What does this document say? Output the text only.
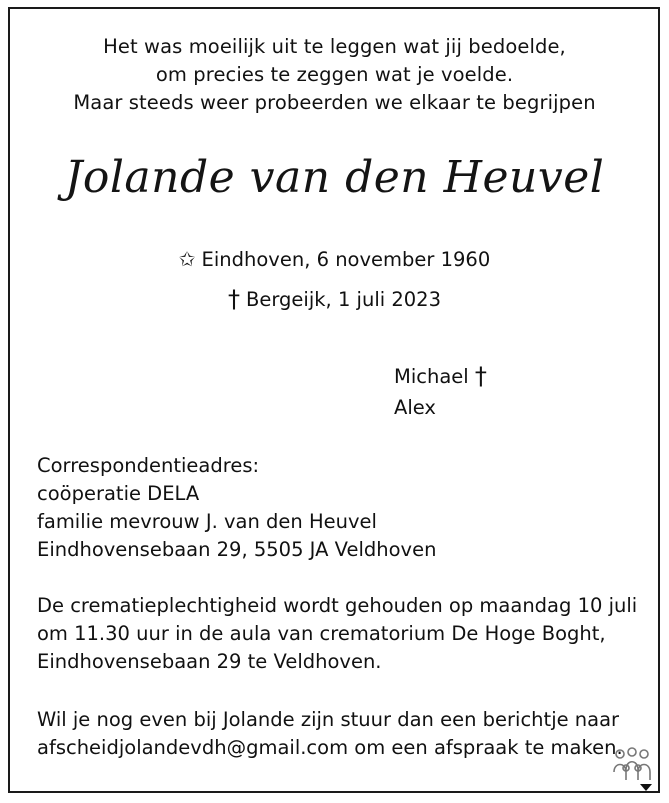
Het was moeilijk uit te leggen wat jij bedoelde,
om precies te zeggen wat je voelde.
Maar steeds weer probeerden we elkaar te begrijpen
Jolande van den Heuvel
✩ Eindhoven, 6 november 1960
† Bergeijk, 1 juli 2023
Michael †
Alex
Correspondentieadres:
coöperatie DELA
familie mevrouw J. van den Heuvel
Eindhovensebaan 29, 5505 JA Veldhoven
De crematieplechtigheid wordt gehouden op maandag 10 juli
om 11.30 uur in de aula van crematorium De Hoge Boght,
Eindhovensebaan 29 te Veldhoven.
Wil je nog even bij Jolande zijn stuur dan een berichtje naar
afscheidjolandevdh@gmail.com om een afspraak te maken.
